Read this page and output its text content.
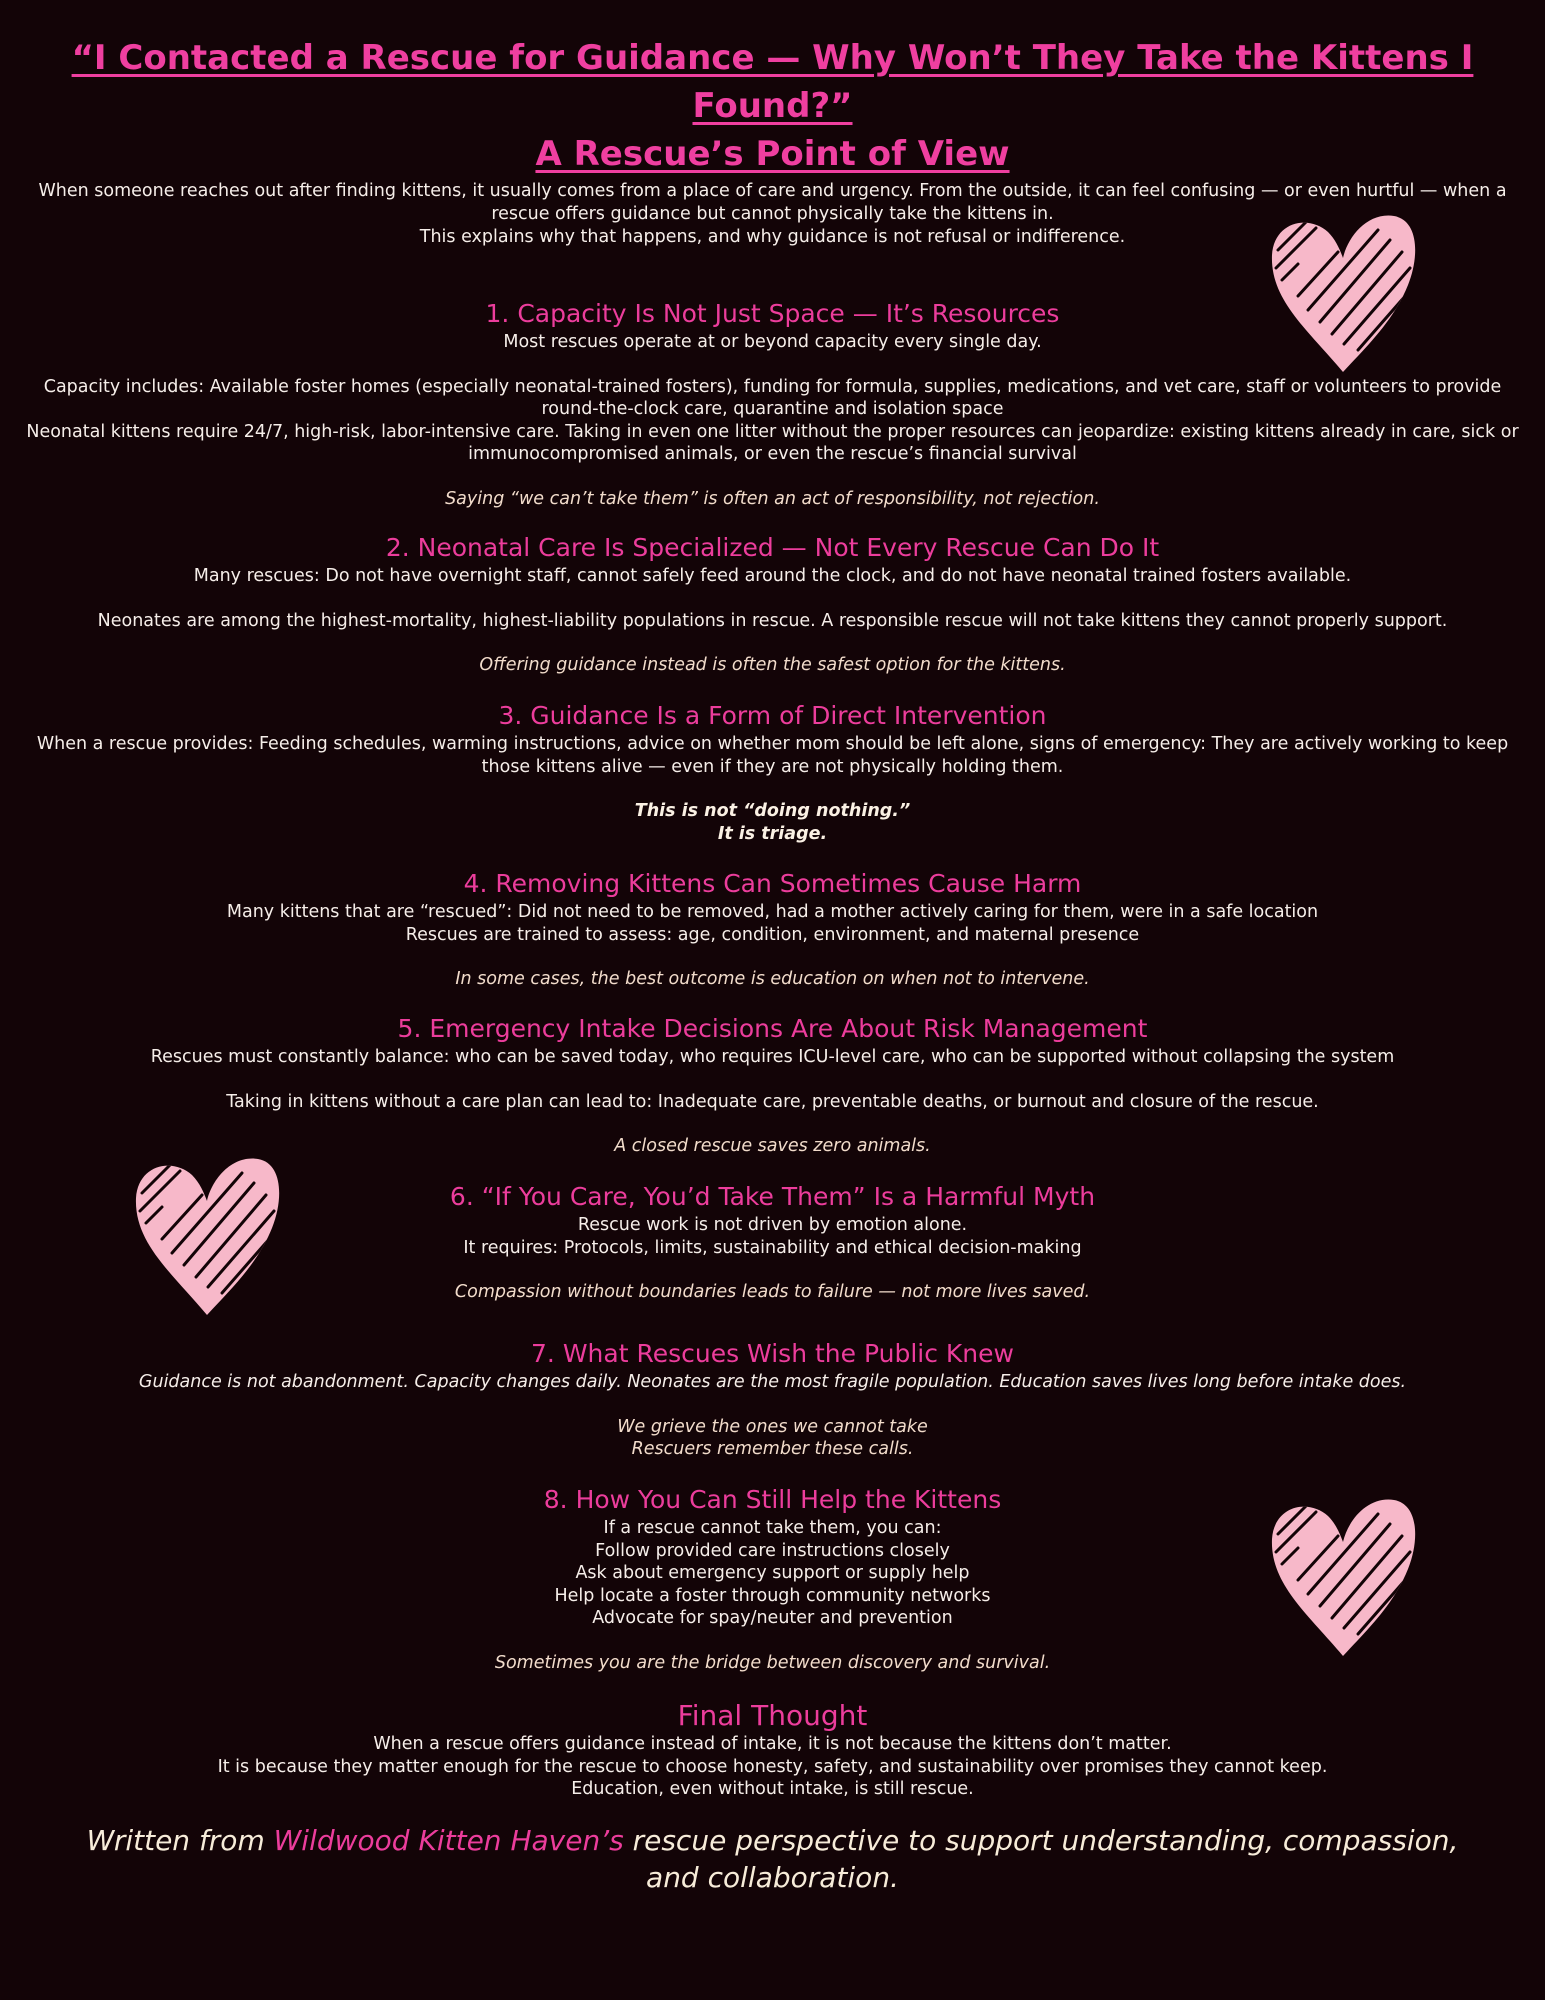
“I Contacted a Rescue for Guidance — Why Won’t They Take the Kittens I Found?”
A Rescue’s Point of View

When someone reaches out after finding kittens, it usually comes from a place of care and urgency. From the outside, it can feel confusing — or even hurtful — when a rescue offers guidance but cannot physically take the kittens in.

This explains why that happens, and why guidance is not refusal or indifference.

1. Capacity Is Not Just Space — It’s Resources

Most rescues operate at or beyond capacity every single day.

Capacity includes: Available foster homes (especially neonatal-trained fosters), funding for formula, supplies, medications, and vet care, staff or volunteers to provide round-the-clock care, quarantine and isolation space

Neonatal kittens require 24/7, high-risk, labor-intensive care. Taking in even one litter without the proper resources can jeopardize: existing kittens already in care, sick or immunocompromised animals, or even the rescue’s financial survival

Saying “we can’t take them” is often an act of responsibility, not rejection.

2. Neonatal Care Is Specialized — Not Every Rescue Can Do It

Many rescues: Do not have overnight staff, cannot safely feed around the clock, and do not have neonatal trained fosters available.

Neonates are among the highest-mortality, highest-liability populations in rescue. A responsible rescue will not take kittens they cannot properly support.

Offering guidance instead is often the safest option for the kittens.

3. Guidance Is a Form of Direct Intervention

When a rescue provides: Feeding schedules, warming instructions, advice on whether mom should be left alone, signs of emergency: They are actively working to keep those kittens alive — even if they are not physically holding them.

This is not “doing nothing.”

It is triage.

4. Removing Kittens Can Sometimes Cause Harm

Many kittens that are “rescued”: Did not need to be removed, had a mother actively caring for them, were in a safe location

Rescues are trained to assess: age, condition, environment, and maternal presence

In some cases, the best outcome is education on when not to intervene.

5. Emergency Intake Decisions Are About Risk Management

Rescues must constantly balance: who can be saved today, who requires ICU-level care, who can be supported without collapsing the system

Taking in kittens without a care plan can lead to: Inadequate care, preventable deaths, or burnout and closure of the rescue.

A closed rescue saves zero animals.

6. “If You Care, You’d Take Them” Is a Harmful Myth

Rescue work is not driven by emotion alone.

It requires: Protocols, limits, sustainability and ethical decision-making

Compassion without boundaries leads to failure — not more lives saved.

7. What Rescues Wish the Public Knew

Guidance is not abandonment. Capacity changes daily. Neonates are the most fragile population. Education saves lives long before intake does.

We grieve the ones we cannot take

Rescuers remember these calls.

8. How You Can Still Help the Kittens

If a rescue cannot take them, you can:

Follow provided care instructions closely

Ask about emergency support or supply help

Help locate a foster through community networks

Advocate for spay/neuter and prevention

Sometimes you are the bridge between discovery and survival.

Final Thought

When a rescue offers guidance instead of intake, it is not because the kittens don’t matter.

It is because they matter enough for the rescue to choose honesty, safety, and sustainability over promises they cannot keep.

Education, even without intake, is still rescue.

Written from Wildwood Kitten Haven’s rescue perspective to support understanding, compassion, and collaboration.
